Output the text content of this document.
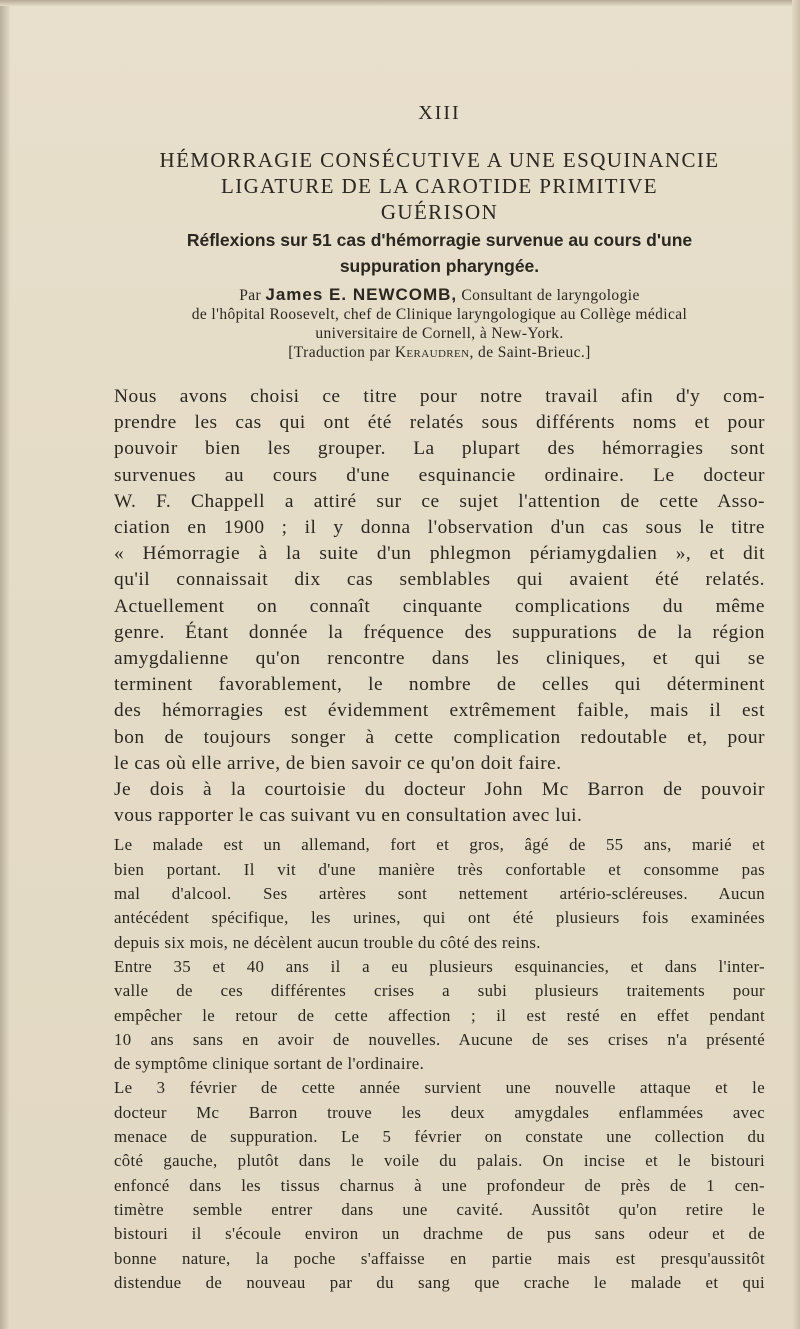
XIII

HÉMORRAGIE CONSÉCUTIVE A UNE ESQUINANCIE

LIGATURE DE LA CAROTIDE PRIMITIVE

GUÉRISON

Réflexions sur 51 cas d'hémorragie survenue au cours d'une
suppuration pharyngée.
Par James E. NEWCOMB, Consultant de laryngologie
de l'hôpital Roosevelt, chef de Clinique laryngologique au Collège médical
universitaire de Cornell, à New-York.
[Traduction par Keraudren, de Saint-Brieuc.]
Nous avons choisi ce titre pour notre travail afin d'y com-
prendre les cas qui ont été relatés sous différents noms et pour
pouvoir bien les grouper. La plupart des hémorragies sont
survenues au cours d'une esquinancie ordinaire. Le docteur
W. F. Chappell a attiré sur ce sujet l'attention de cette Asso-
ciation en 1900 ; il y donna l'observation d'un cas sous le titre
« Hémorragie à la suite d'un phlegmon périamygdalien », et dit
qu'il connaissait dix cas semblables qui avaient été relatés.
Actuellement on connaît cinquante complications du même
genre. Étant donnée la fréquence des suppurations de la région
amygdalienne qu'on rencontre dans les cliniques, et qui se
terminent favorablement, le nombre de celles qui déterminent
des hémorragies est évidemment extrêmement faible, mais il est
bon de toujours songer à cette complication redoutable et, pour
le cas où elle arrive, de bien savoir ce qu'on doit faire.
Je dois à la courtoisie du docteur John Mc Barron de pouvoir
vous rapporter le cas suivant vu en consultation avec lui.
Le malade est un allemand, fort et gros, âgé de 55 ans, marié et
bien portant. Il vit d'une manière très confortable et consomme pas
mal d'alcool. Ses artères sont nettement artério-scléreuses. Aucun
antécédent spécifique, les urines, qui ont été plusieurs fois examinées
depuis six mois, ne décèlent aucun trouble du côté des reins.
Entre 35 et 40 ans il a eu plusieurs esquinancies, et dans l'inter-
valle de ces différentes crises a subi plusieurs traitements pour
empêcher le retour de cette affection ; il est resté en effet pendant
10 ans sans en avoir de nouvelles. Aucune de ses crises n'a présenté
de symptôme clinique sortant de l'ordinaire.
Le 3 février de cette année survient une nouvelle attaque et le
docteur Mc Barron trouve les deux amygdales enflammées avec
menace de suppuration. Le 5 février on constate une collection du
côté gauche, plutôt dans le voile du palais. On incise et le bistouri
enfoncé dans les tissus charnus à une profondeur de près de 1 cen-
timètre semble entrer dans une cavité. Aussitôt qu'on retire le
bistouri il s'écoule environ un drachme de pus sans odeur et de
bonne nature, la poche s'affaisse en partie mais est presqu'aussitôt
distendue de nouveau par du sang que crache le malade et qui
